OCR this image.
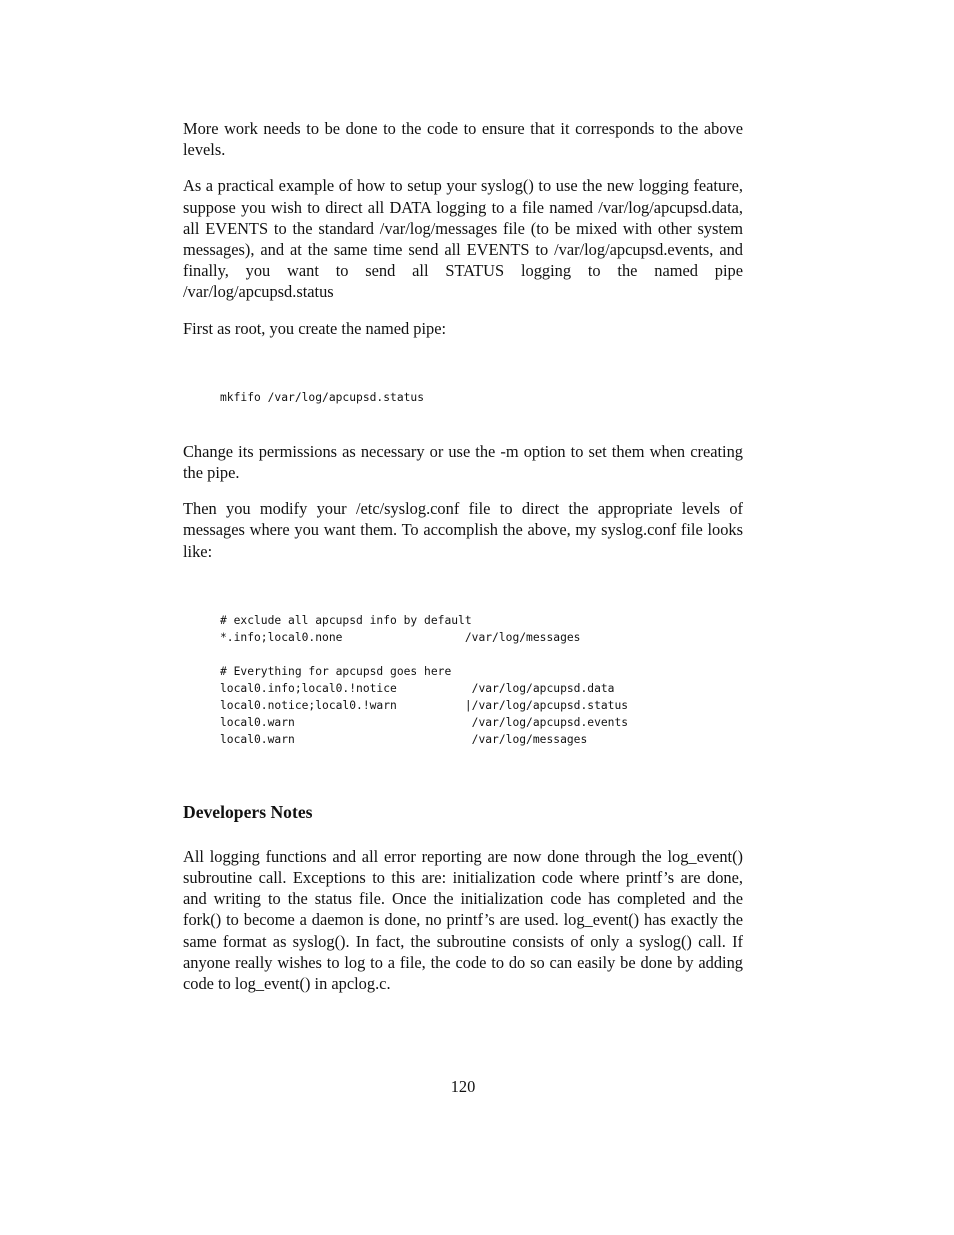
More work needs to be done to the code to ensure that it corresponds to the above levels.

As a practical example of how to setup your syslog() to use the new logging feature, suppose you wish to direct all DATA logging to a file named /var/log/apcupsd.data, all EVENTS to the standard /var/log/messages file (to be mixed with other system messages), and at the same time send all EVENTS to /var/log/apcupsd.events, and finally, you want to send all STATUS logging to the named pipe /var/log/apcupsd.status

First as root, you create the named pipe:

mkfifo /var/log/apcupsd.status

Change its permissions as necessary or use the -m option to set them when creating the pipe.

Then you modify your /etc/syslog.conf file to direct the appropriate levels of messages where you want them. To accomplish the above, my syslog.conf file looks like:

# exclude all apcupsd info by default
*.info;local0.none                  /var/log/messages

# Everything for apcupsd goes here
local0.info;local0.!notice           /var/log/apcupsd.data
local0.notice;local0.!warn          |/var/log/apcupsd.status
local0.warn                          /var/log/apcupsd.events
local0.warn                          /var/log/messages
Developers Notes

All logging functions and all error reporting are now done through the log_event() subroutine call. Exceptions to this are: initialization code where printf’s are done, and writing to the status file. Once the initialization code has completed and the fork() to become a daemon is done, no printf’s are used. log_event() has exactly the same format as syslog(). In fact, the subroutine consists of only a syslog() call. If anyone really wishes to log to a file, the code to do so can easily be done by adding code to log_event() in apclog.c.

120
